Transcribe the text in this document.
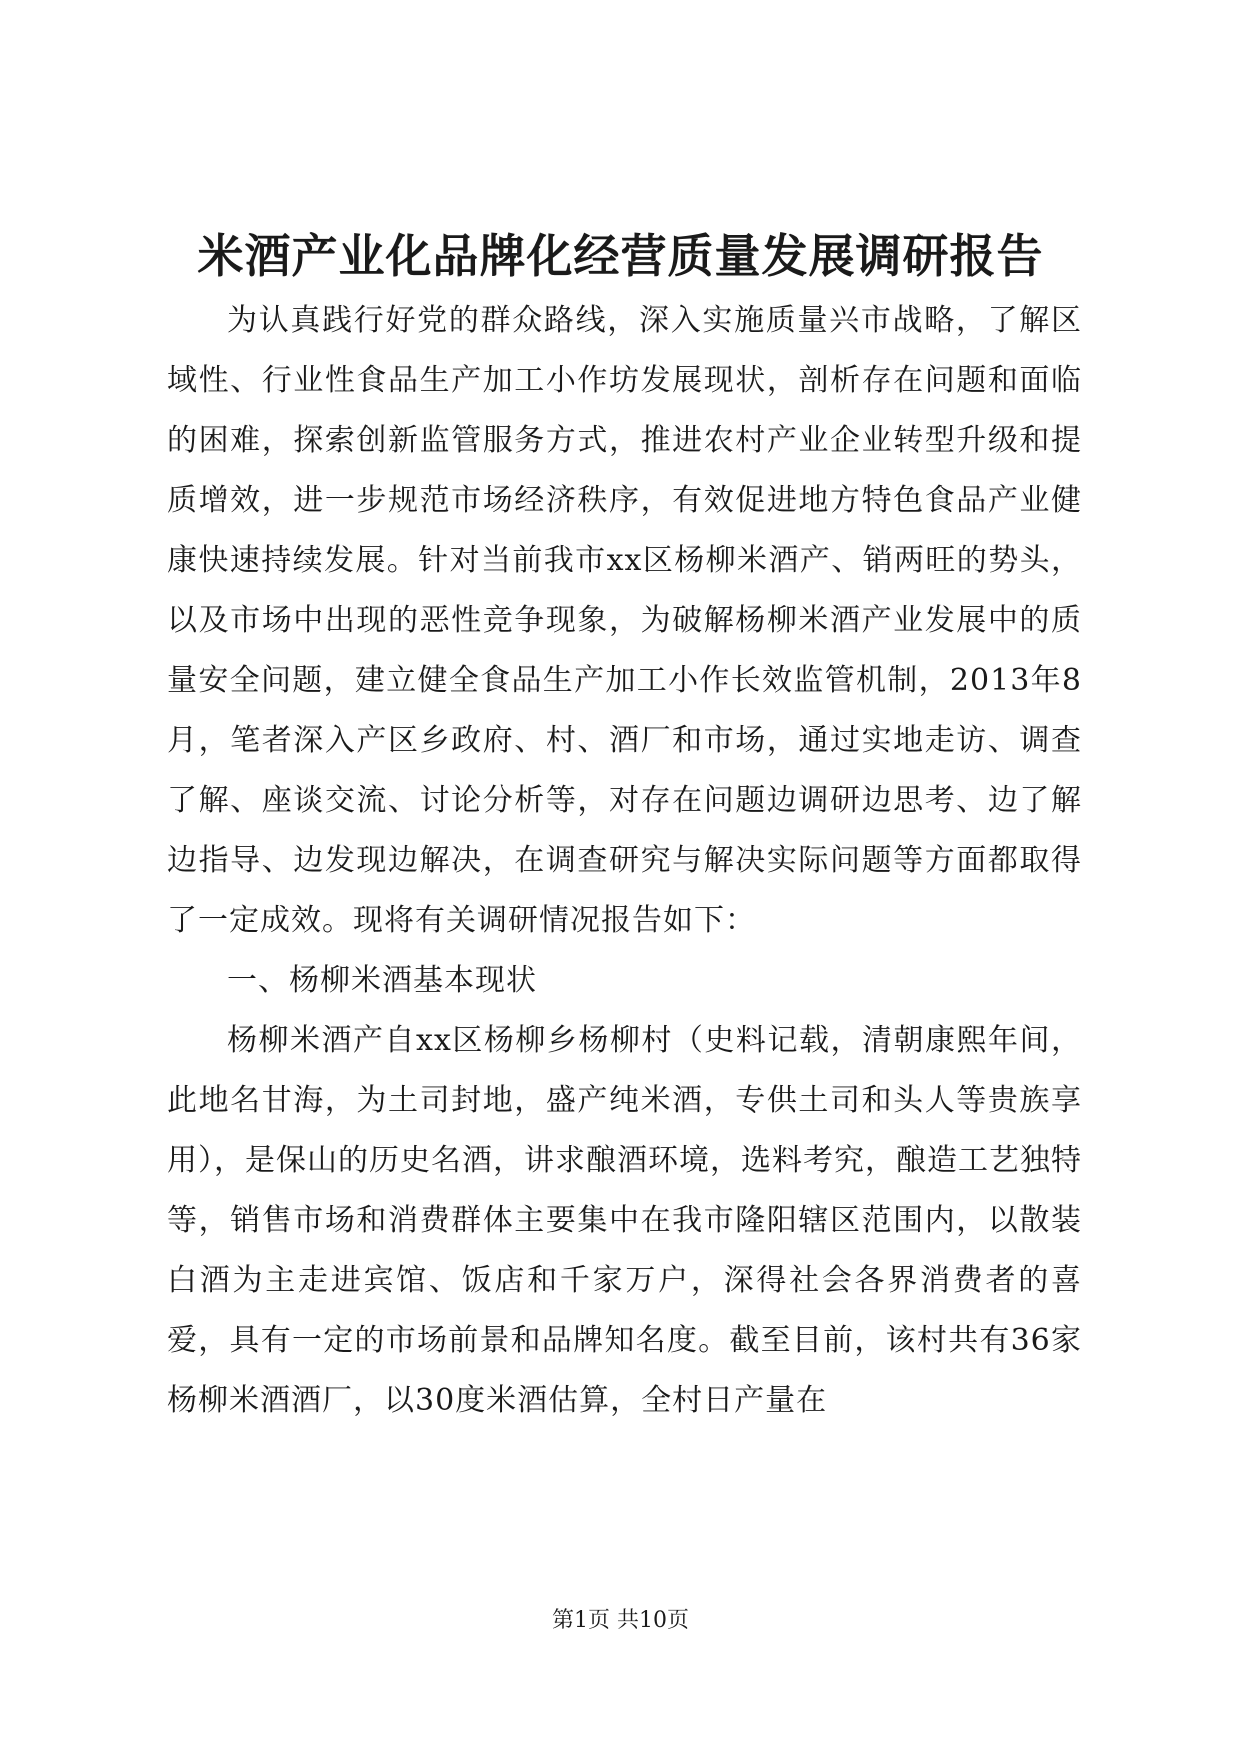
米酒产业化品牌化经营质量发展调研报告

为认真践行好党的群众路线，深入实施质量兴市战略，了解区域性、行业性食品生产加工小作坊发展现状，剖析存在问题和面临的困难，探索创新监管服务方式，推进农村产业企业转型升级和提质增效，进一步规范市场经济秩序，有效促进地方特色食品产业健康快速持续发展。针对当前我市xx区杨柳米酒产、销两旺的势头，以及市场中出现的恶性竞争现象，为破解杨柳米酒产业发展中的质量安全问题，建立健全食品生产加工小作长效监管机制，2013年8月，笔者深入产区乡政府、村、酒厂和市场，通过实地走访、调查了解、座谈交流、讨论分析等，对存在问题边调研边思考、边了解边指导、边发现边解决，在调查研究与解决实际问题等方面都取得了一定成效。现将有关调研情况报告如下：

一、杨柳米酒基本现状

杨柳米酒产自xx区杨柳乡杨柳村（史料记载，清朝康熙年间，此地名甘海，为土司封地，盛产纯米酒，专供土司和头人等贵族享用），是保山的历史名酒，讲求酿酒环境，选料考究，酿造工艺独特等，销售市场和消费群体主要集中在我市隆阳辖区范围内，以散装白酒为主走进宾馆、饭店和千家万户，深得社会各界消费者的喜爱，具有一定的市场前景和品牌知名度。截至目前，该村共有36家杨柳米酒酒厂，以30度米酒估算，全村日产量在

第1页 共10页
